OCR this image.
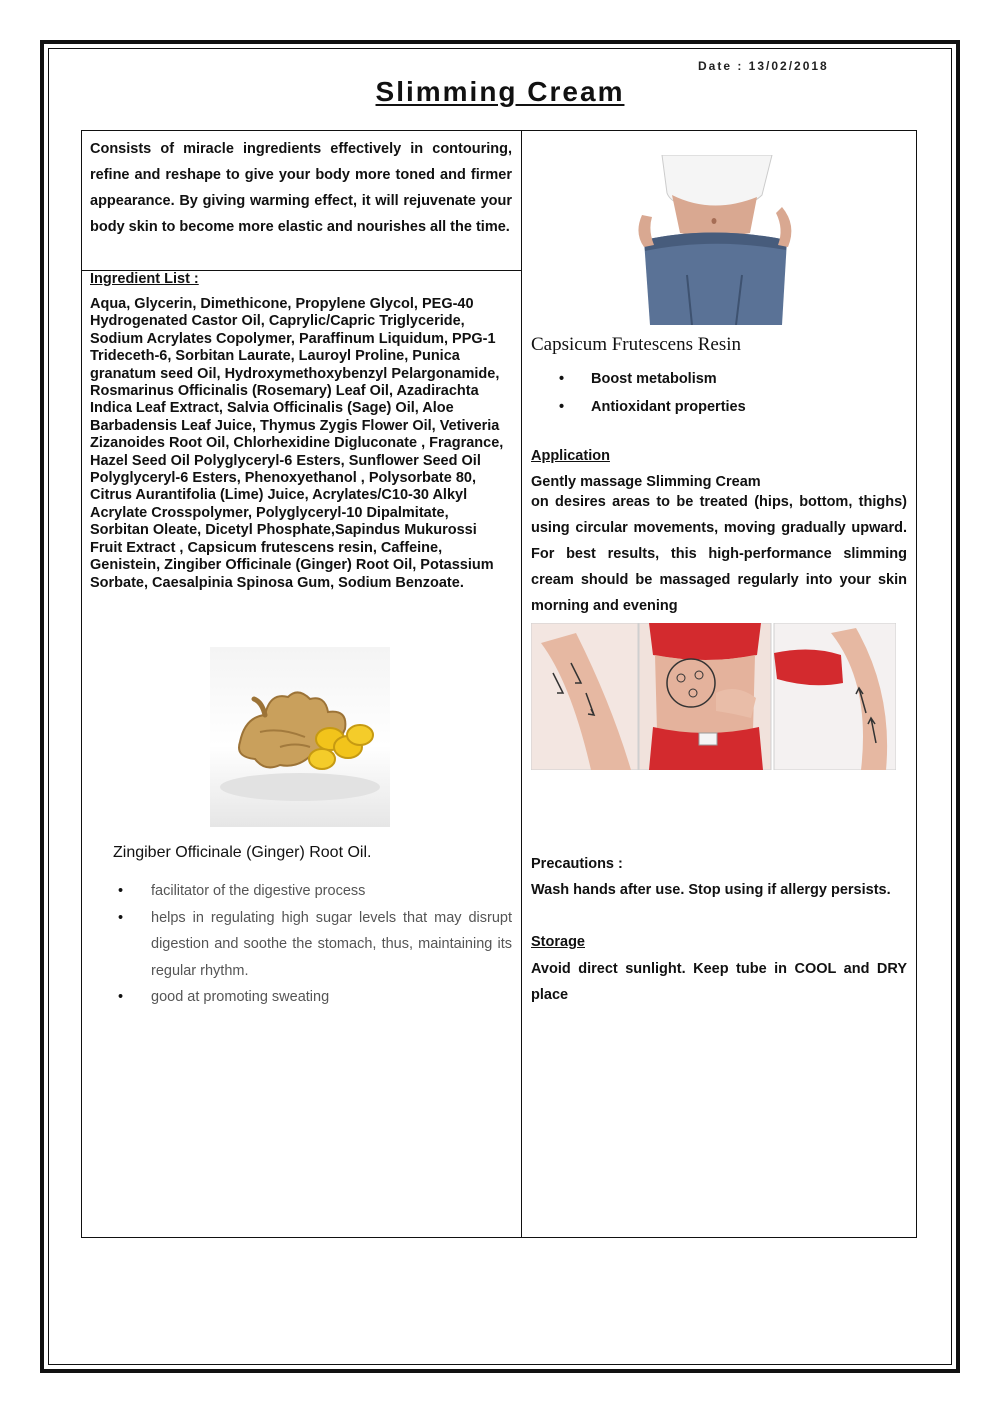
Date : 13/02/2018
Slimming Cream
Consists of miracle ingredients effectively in contouring, refine and reshape to give your body more toned and firmer appearance. By giving warming effect, it will rejuvenate your body skin to become more elastic and nourishes all the time.
Ingredient List :
Aqua, Glycerin, Dimethicone, Propylene Glycol, PEG-40 Hydrogenated Castor Oil, Caprylic/Capric Triglyceride, Sodium Acrylates Copolymer, Paraffinum Liquidum, PPG-1 Trideceth-6, Sorbitan Laurate, Lauroyl Proline, Punica granatum seed Oil, Hydroxymethoxybenzyl Pelargonamide, Rosmarinus Officinalis (Rosemary) Leaf Oil, Azadirachta Indica Leaf Extract, Salvia Officinalis (Sage) Oil, Aloe Barbadensis Leaf Juice, Thymus Zygis Flower Oil, Vetiveria Zizanoides Root Oil, Chlorhexidine Digluconate , Fragrance, Hazel Seed Oil Polyglyceryl-6 Esters, Sunflower Seed Oil Polyglyceryl-6 Esters, Phenoxyethanol , Polysorbate 80, Citrus Aurantifolia (Lime) Juice, Acrylates/C10-30 Alkyl Acrylate Crosspolymer, Polyglyceryl-10 Dipalmitate, Sorbitan Oleate, Dicetyl Phosphate,Sapindus Mukurossi Fruit Extract , Capsicum frutescens resin, Caffeine, Genistein, Zingiber Officinale (Ginger) Root Oil, Potassium Sorbate, Caesalpinia Spinosa Gum, Sodium Benzoate.
Zingiber Officinale (Ginger) Root Oil.
• facilitator of the digestive process
• helps in regulating high sugar levels that may disrupt digestion and soothe the stomach, thus, maintaining its regular rhythm.
• good at promoting sweating
Capsicum Frutescens Resin
• Boost metabolism
• Antioxidant properties
Application
Gently massage Slimming Cream
on desires areas to be treated (hips, bottom, thighs) using circular movements, moving gradually upward. For best results, this high-performance slimming cream should be massaged regularly into your skin morning and evening
Precautions :
Wash hands after use. Stop using if allergy persists.
Storage
Avoid direct sunlight. Keep tube in COOL and DRY place
